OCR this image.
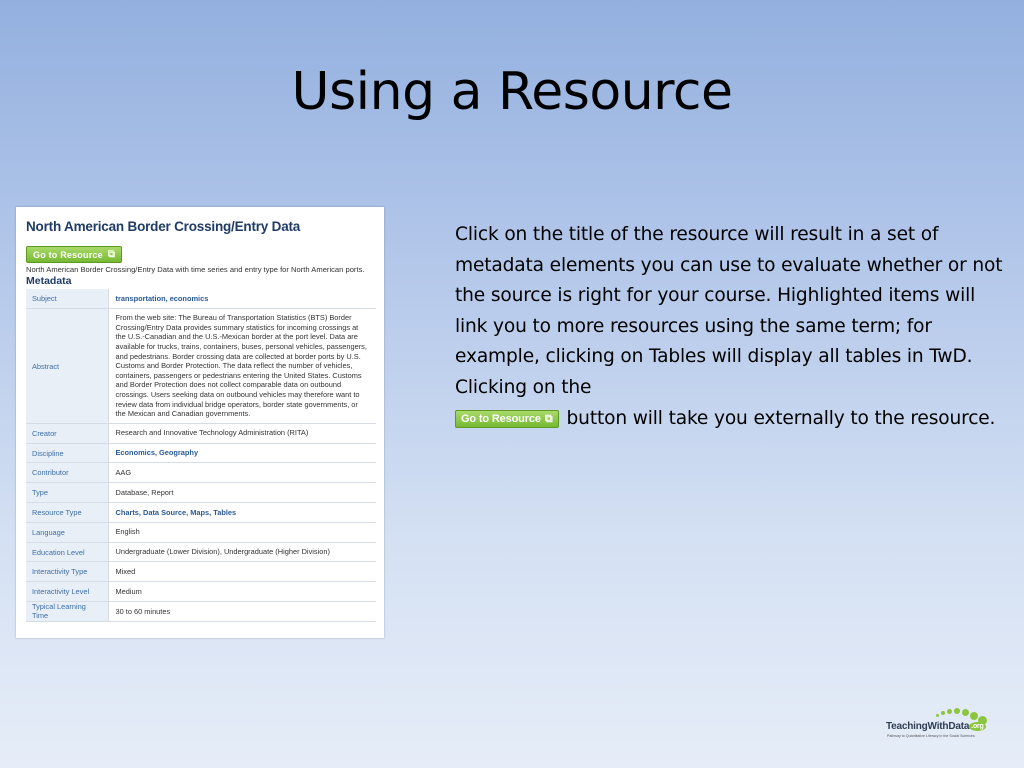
Using a Resource
North American Border Crossing/Entry Data
Go to Resource ⧉
North American Border Crossing/Entry Data with time series and entry type for North American ports.
Metadata
Subject	transportation, economics
Abstract	From the web site: The Bureau of Transportation Statistics (BTS) Border Crossing/Entry Data provides summary statistics for incoming crossings at the U.S.-Canadian and the U.S.-Mexican border at the port level. Data are available for trucks, trains, containers, buses, personal vehicles, passengers, and pedestrians. Border crossing data are collected at border ports by U.S. Customs and Border Protection. The data reflect the number of vehicles, containers, passengers or pedestrians entering the United States. Customs and Border Protection does not collect comparable data on outbound crossings. Users seeking data on outbound vehicles may therefore want to review data from individual bridge operators, border state governments, or the Mexican and Canadian governments.
Creator	Research and Innovative Technology Administration (RITA)
Discipline	Economics, Geography
Contributor	AAG
Type	Database, Report
Resource Type	Charts, Data Source, Maps, Tables
Language	English
Education Level	Undergraduate (Lower Division), Undergraduate (Higher Division)
Interactivity Type	Mixed
Interactivity Level	Medium
Typical Learning Time	30 to 60 minutes
Click on the title of the resource will result in a set of metadata elements you can use to evaluate whether or not the source is right for your course. Highlighted items will link you to more resources using the same term; for example, clicking on Tables will display all tables in TwD. Clicking on the

Go to Resource ⧉ button will take you externally to the resource.
TeachingWithData .org
Pathway to Quantitative Literacy in the Social Sciences
